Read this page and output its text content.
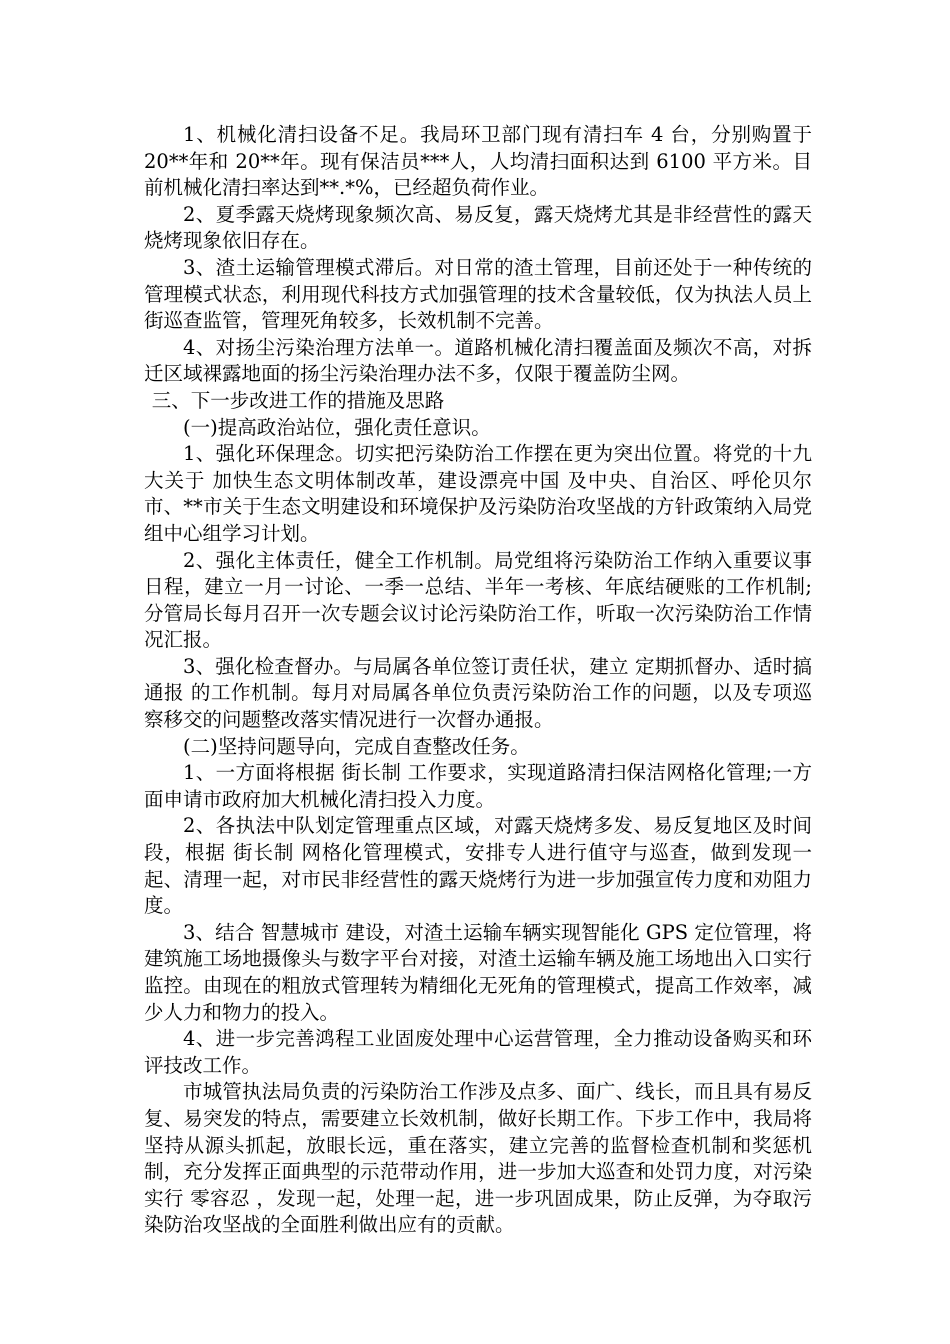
1、机械化清扫设备不足。我局环卫部门现有清扫车 4 台，分别购置于 20**年和 20**年。现有保洁员***人，人均清扫面积达到 6100 平方米。目前机械化清扫率达到**.*%，已经超负荷作业。

2、夏季露天烧烤现象频次高、易反复，露天烧烤尤其是非经营性的露天烧烤现象依旧存在。

3、渣土运输管理模式滞后。对日常的渣土管理，目前还处于一种传统的管理模式状态，利用现代科技方式加强管理的技术含量较低，仅为执法人员上街巡查监管，管理死角较多，长效机制不完善。

4、对扬尘污染治理方法单一。道路机械化清扫覆盖面及频次不高，对拆迁区域裸露地面的扬尘污染治理办法不多，仅限于覆盖防尘网。

三、下一步改进工作的措施及思路

(一)提高政治站位，强化责任意识。

1、强化环保理念。切实把污染防治工作摆在更为突出位置。将党的十九大关于 加快生态文明体制改革，建设漂亮中国 及中央、自治区、呼伦贝尔市、**市关于生态文明建设和环境保护及污染防治攻坚战的方针政策纳入局党组中心组学习计划。

2、强化主体责任，健全工作机制。局党组将污染防治工作纳入重要议事日程，建立一月一讨论、一季一总结、半年一考核、年底结硬账的工作机制;分管局长每月召开一次专题会议讨论污染防治工作，听取一次污染防治工作情况汇报。

3、强化检查督办。与局属各单位签订责任状，建立 定期抓督办、适时搞通报 的工作机制。每月对局属各单位负责污染防治工作的问题，以及专项巡察移交的问题整改落实情况进行一次督办通报。

(二)坚持问题导向，完成自查整改任务。

1、一方面将根据 街长制 工作要求，实现道路清扫保洁网格化管理;一方面申请市政府加大机械化清扫投入力度。

2、各执法中队划定管理重点区域，对露天烧烤多发、易反复地区及时间段，根据 街长制 网格化管理模式，安排专人进行值守与巡查，做到发现一起、清理一起，对市民非经营性的露天烧烤行为进一步加强宣传力度和劝阻力度。

3、结合 智慧城市 建设，对渣土运输车辆实现智能化 GPS 定位管理，将建筑施工场地摄像头与数字平台对接，对渣土运输车辆及施工场地出入口实行监控。由现在的粗放式管理转为精细化无死角的管理模式，提高工作效率，减少人力和物力的投入。

4、进一步完善鸿程工业固废处理中心运营管理，全力推动设备购买和环评技改工作。

市城管执法局负责的污染防治工作涉及点多、面广、线长，而且具有易反复、易突发的特点，需要建立长效机制，做好长期工作。下步工作中，我局将坚持从源头抓起，放眼长远，重在落实，建立完善的监督检查机制和奖惩机制，充分发挥正面典型的示范带动作用，进一步加大巡查和处罚力度，对污染实行 零容忍 ，发现一起，处理一起，进一步巩固成果，防止反弹，为夺取污染防治攻坚战的全面胜利做出应有的贡献。
